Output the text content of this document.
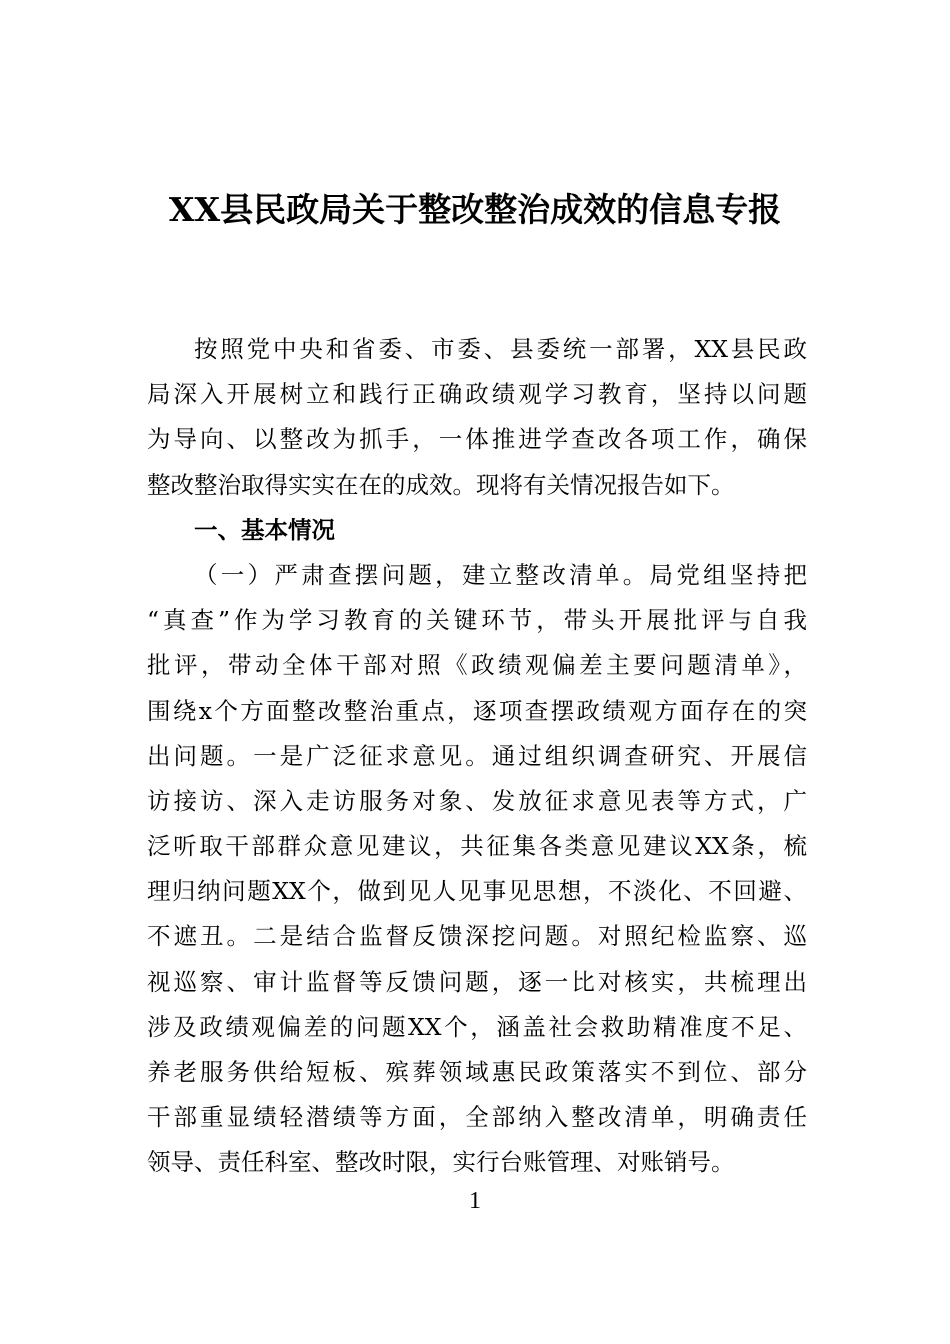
XX县民政局关于整改整治成效的信息专报
按照党中央和省委、市委、县委统一部署，XX县民政
局深入开展树立和践行正确政绩观学习教育，坚持以问题
为导向、以整改为抓手，一体推进学查改各项工作，确保
整改整治取得实实在在的成效。现将有关情况报告如下。
一、基本情况
（一）严肃查摆问题，建立整改清单。局党组坚持把
“真查”作为学习教育的关键环节，带头开展批评与自我
批评，带动全体干部对照《政绩观偏差主要问题清单》，
围绕x个方面整改整治重点，逐项查摆政绩观方面存在的突
出问题。一是广泛征求意见。通过组织调查研究、开展信
访接访、深入走访服务对象、发放征求意见表等方式，广
泛听取干部群众意见建议，共征集各类意见建议XX条，梳
理归纳问题XX个，做到见人见事见思想，不淡化、不回避、
不遮丑。二是结合监督反馈深挖问题。对照纪检监察、巡
视巡察、审计监督等反馈问题，逐一比对核实，共梳理出
涉及政绩观偏差的问题XX个，涵盖社会救助精准度不足、
养老服务供给短板、殡葬领域惠民政策落实不到位、部分
干部重显绩轻潜绩等方面，全部纳入整改清单，明确责任
领导、责任科室、整改时限，实行台账管理、对账销号。
1
